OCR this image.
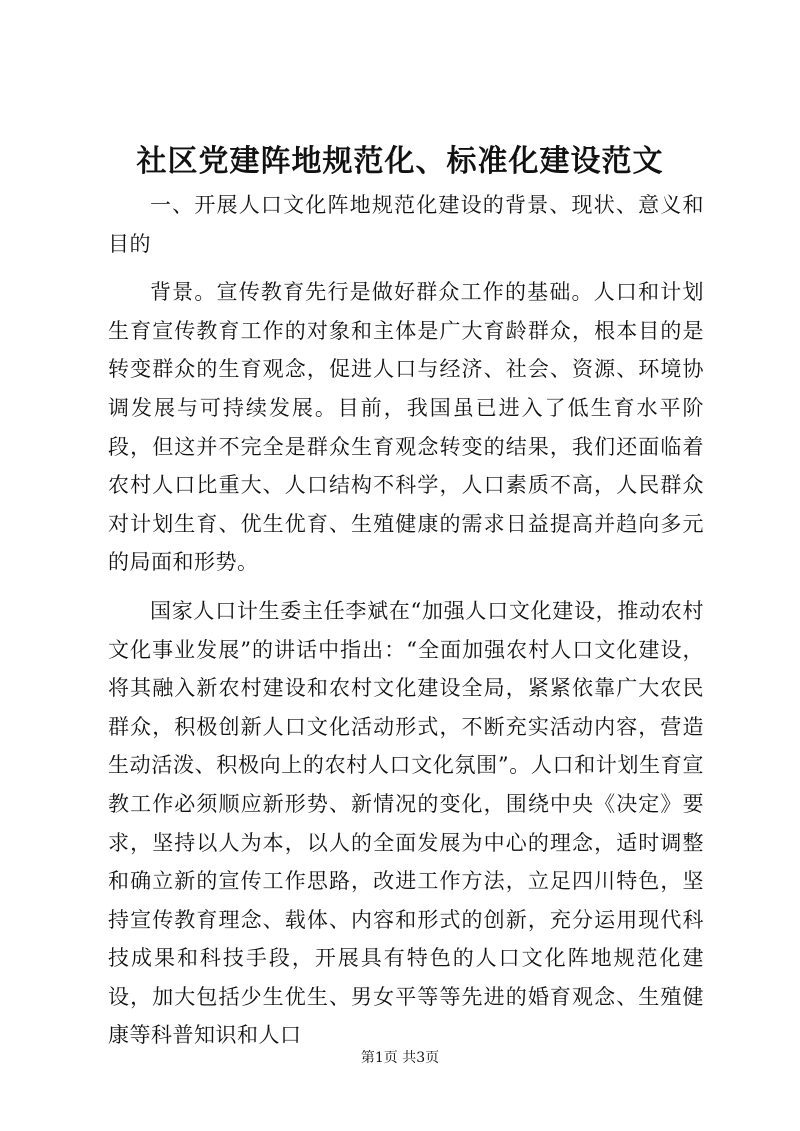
社区党建阵地规范化、标准化建设范文

一、开展人口文化阵地规范化建设的背景、现状、意义和目的

背景。宣传教育先行是做好群众工作的基础。人口和计划生育宣传教育工作的对象和主体是广大育龄群众，根本目的是转变群众的生育观念，促进人口与经济、社会、资源、环境协调发展与可持续发展。目前，我国虽已进入了低生育水平阶段，但这并不完全是群众生育观念转变的结果，我们还面临着农村人口比重大、人口结构不科学，人口素质不高，人民群众对计划生育、优生优育、生殖健康的需求日益提高并趋向多元的局面和形势。

国家人口计生委主任李斌在“加强人口文化建设，推动农村文化事业发展”的讲话中指出：“全面加强农村人口文化建设，将其融入新农村建设和农村文化建设全局，紧紧依靠广大农民群众，积极创新人口文化活动形式，不断充实活动内容，营造生动活泼、积极向上的农村人口文化氛围”。人口和计划生育宣教工作必须顺应新形势、新情况的变化，围绕中央《决定》要求，坚持以人为本，以人的全面发展为中心的理念，适时调整和确立新的宣传工作思路，改进工作方法，立足四川特色，坚持宣传教育理念、载体、内容和形式的创新，充分运用现代科技成果和科技手段，开展具有特色的人口文化阵地规范化建设，加大包括少生优生、男女平等等先进的婚育观念、生殖健康等科普知识和人口

第1页 共3页
